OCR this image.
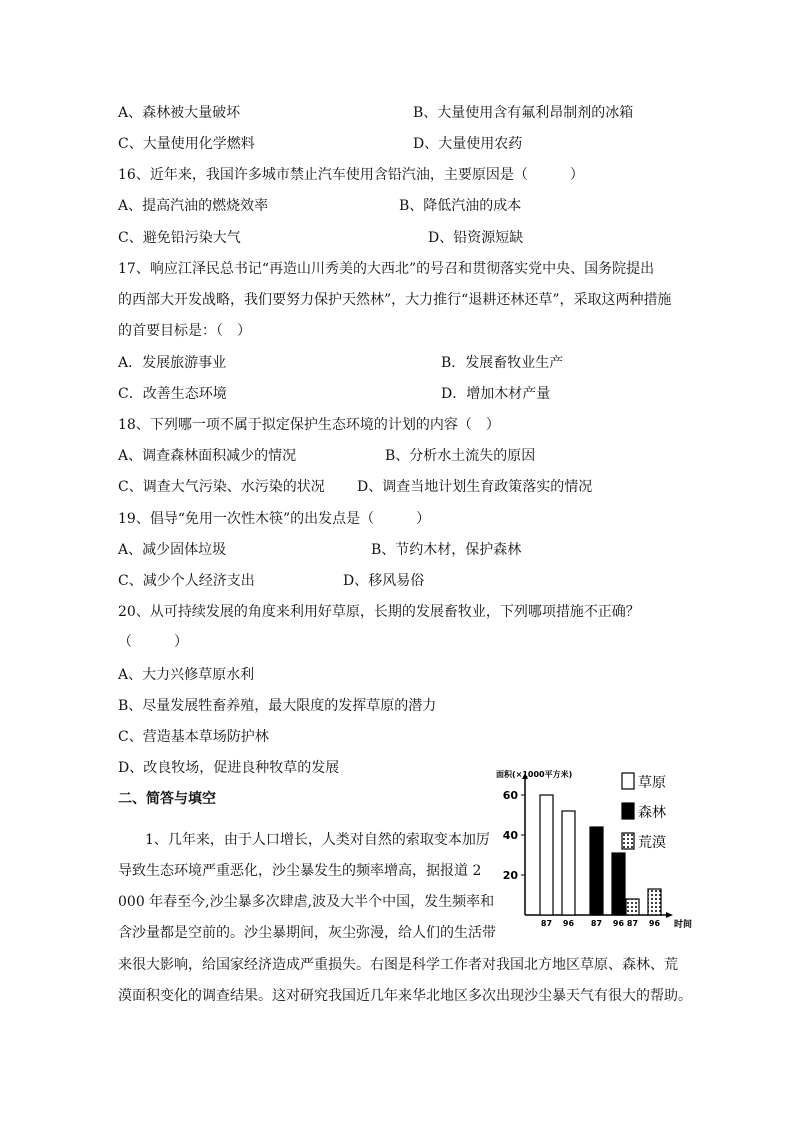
A、森林被大量破坏	B、大量使用含有氟利昂制剂的冰箱
C、大量使用化学燃料	D、大量使用农药
16、近年来，我国许多城市禁止汽车使用含铅汽油，主要原因是（　　　）
A、提高汽油的燃烧效率	B、降低汽油的成本
C、避免铅污染大气	D、铅资源短缺
17、响应江泽民总书记“再造山川秀美的大西北”的号召和贯彻落实党中央、国务院提出
的西部大开发战略，我们要努力保护天然林”，大力推行“退耕还林还草”，采取这两种措施
的首要目标是：（　）
A．发展旅游事业	B．发展畜牧业生产
C．改善生态环境	D．增加木材产量
18、下列哪一项不属于拟定保护生态环境的计划的内容（　）
A、调查森林面积减少的情况	B、分析水土流失的原因
C、调查大气污染、水污染的状况 D、调查当地计划生育政策落实的情况
19、倡导“免用一次性木筷”的出发点是（　　　）
A、减少固体垃圾	B、节约木材，保护森林
C、减少个人经济支出	D、移风易俗
20、从可持续发展的角度来利用好草原，长期的发展畜牧业，下列哪项措施不正确？
（　　　）
A、大力兴修草原水利
B、尽量发展牲畜养殖，最大限度的发挥草原的潜力
C、营造基本草场防护林
D、改良牧场，促进良种牧草的发展
二、简答与填空
1、几年来，由于人口增长，人类对自然的索取变本加厉
导致生态环境严重恶化，沙尘暴发生的频率增高，据报道 2
000 年春至今,沙尘暴多次肆虐,波及大半个中国，发生频率和
含沙量都是空前的。沙尘暴期间，灰尘弥漫，给人们的生活带
来很大影响，给国家经济造成严重损失。右图是科学工作者对我国北方地区草原、森林、荒
漠面积变化的调查结果。这对研究我国近几年来华北地区多次出现沙尘暴天气有很大的帮助。
面积(×1000平方米)
60
40
20
87 96 87 96 87 96 时间
草原
森林
荒漠
